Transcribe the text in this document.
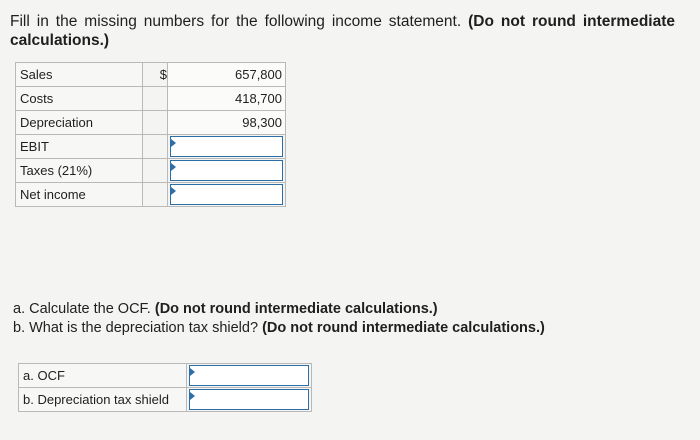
Fill in the missing numbers for the following income statement. (Do not round intermediate calculations.)
Sales	$	657,800
Costs		418,700
Depreciation		98,300
EBIT		

Taxes (21%)		

Net income		
a. Calculate the OCF. (Do not round intermediate calculations.)
b. What is the depreciation tax shield? (Do not round intermediate calculations.)
a. OCF	

b. Depreciation tax shield	
